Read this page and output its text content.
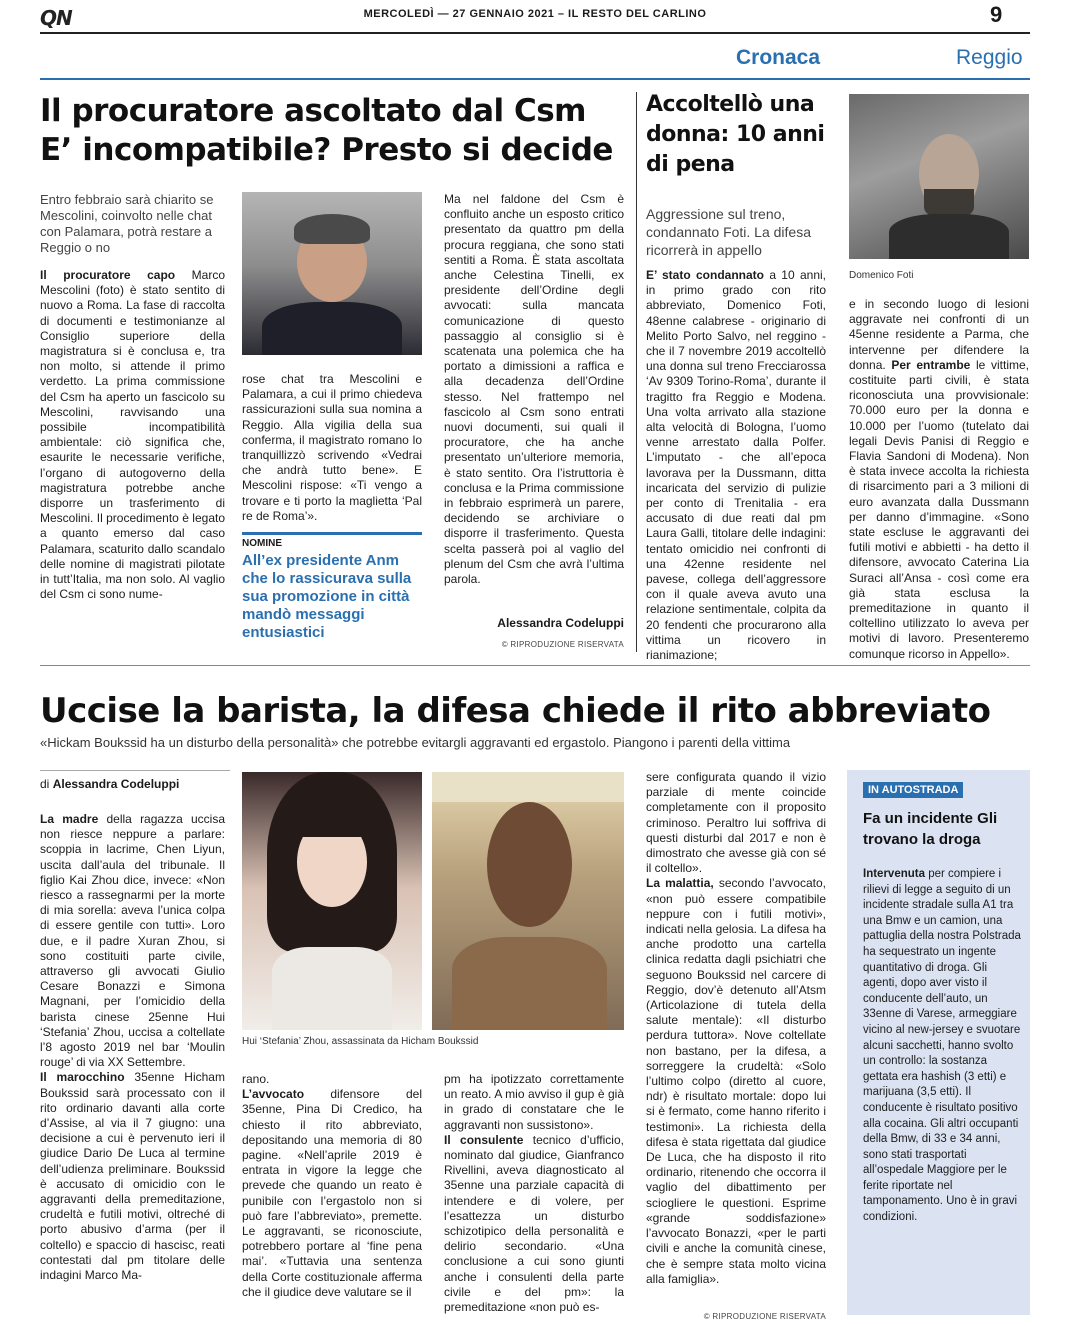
QN	MERCOLEDÌ — 27 GENNAIO 2021 – IL RESTO DEL CARLINO	9
Cronaca	Reggio
Il procuratore ascoltato dal Csm
E’ incompatibile? Presto si decide
Entro febbraio sarà chiarito se Mescolini, coinvolto nelle chat con Palamara, potrà restare a Reggio o no
Il procuratore capo Marco Mescolini (foto) è stato sentito di nuovo a Roma. La fase di raccolta di documenti e testimonianze al Consiglio superiore della magistratura si è conclusa e, tra non molto, si attende il primo verdetto. La prima commissione del Csm ha aperto un fascicolo su Mescolini, ravvisando una possibile incompatibilità ambientale: ciò significa che, esaurite le necessarie verifiche, l’organo di autogoverno della magistratura potrebbe anche disporre un trasferimento di Mescolini. Il procedimento è legato a quanto emerso dal caso Palamara, scaturito dallo scandalo delle nomine di magistrati pilotate in tutt’Italia, ma non solo. Al vaglio del Csm ci sono nume-
rose chat tra Mescolini e Palamara, a cui il primo chiedeva rassicurazioni sulla sua nomina a Reggio. Alla vigilia della sua conferma, il magistrato romano lo tranquillizzò scrivendo «Vedrai che andrà tutto bene». E Mescolini rispose: «Ti vengo a trovare e ti porto la maglietta ‘Pal re de Roma’».
NOMINE
All’ex presidente Anm che lo rassicurava sulla sua promozione in città mandò messaggi entusiastici
Ma nel faldone del Csm è confluito anche un esposto critico presentato da quattro pm della procura reggiana, che sono stati sentiti a Roma. È stata ascoltata anche Celestina Tinelli, ex presidente dell’Ordine degli avvocati: sulla mancata comunicazione di questo passaggio al consiglio si è scatenata una polemica che ha portato a dimissioni a raffica e alla decadenza dell’Ordine stesso. Nel frattempo nel fascicolo al Csm sono entrati nuovi documenti, sui quali il procuratore, che ha anche presentato un’ulteriore memoria, è stato sentito. Ora l’istruttoria è conclusa e la Prima commissione in febbraio esprimerà un parere, decidendo se archiviare o disporre il trasferimento. Questa scelta passerà poi al vaglio del plenum del Csm che avrà l’ultima parola.
Alessandra Codeluppi
© RIPRODUZIONE RISERVATA
Accoltellò una donna: 10 anni di pena
Aggressione sul treno, condannato Foti. La difesa ricorrerà in appello
Domenico Foti
E’ stato condannato a 10 anni, in primo grado con rito abbreviato, Domenico Foti, 48enne calabrese - originario di Melito Porto Salvo, nel reggino - che il 7 novembre 2019 accoltellò una donna sul treno Frecciarossa ‘Av 9309 Torino-Roma’, durante il tragitto fra Reggio e Modena. Una volta arrivato alla stazione alta velocità di Bologna, l’uomo venne arrestato dalla Polfer. L’imputato - che all’epoca lavorava per la Dussmann, ditta incaricata del servizio di pulizie per conto di Trenitalia - era accusato di due reati dal pm Laura Galli, titolare delle indagini: tentato omicidio nei confronti di una 42enne residente nel pavese, collega dell’aggressore con il quale aveva avuto una relazione sentimentale, colpita da 20 fendenti che procurarono alla vittima un ricovero in rianimazione;
e in secondo luogo di lesioni aggravate nei confronti di un 45enne residente a Parma, che intervenne per difendere la donna. Per entrambe le vittime, costituite parti civili, è stata riconosciuta una provvisionale: 70.000 euro per la donna e 10.000 per l’uomo (tutelato dai legali Devis Panisi di Reggio e Flavia Sandoni di Modena). Non è stata invece accolta la richiesta di risarcimento pari a 3 milioni di euro avanzata dalla Dussmann per danno d’immagine. «Sono state escluse le aggravanti dei futili motivi e abbietti - ha detto il difensore, avvocato Caterina Lia Suraci all’Ansa - così come era già stata esclusa la premeditazione in quanto il coltellino utilizzato lo aveva per motivi di lavoro. Presenteremo comunque ricorso in Appello».
Uccise la barista, la difesa chiede il rito abbreviato
«Hickam Boukssid ha un disturbo della personalità» che potrebbe evitargli aggravanti ed ergastolo. Piangono i parenti della vittima
di Alessandra Codeluppi
La madre della ragazza uccisa non riesce neppure a parlare: scoppia in lacrime, Chen Liyun, uscita dall’aula del tribunale. Il figlio Kai Zhou dice, invece: «Non riesco a rassegnarmi per la morte di mia sorella: aveva l’unica colpa di essere gentile con tutti». Loro due, e il padre Xuran Zhou, si sono costituiti parte civile, attraverso gli avvocati Giulio Cesare Bonazzi e Simona Magnani, per l’omicidio della barista cinese 25enne Hui ‘Stefania’ Zhou, uccisa a coltellate l’8 agosto 2019 nel bar ‘Moulin rouge’ di via XX Settembre.
Il marocchino 35enne Hicham Boukssid sarà processato con il rito ordinario davanti alla corte d’Assise, al via il 7 giugno: una decisione a cui è pervenuto ieri il giudice Dario De Luca al termine dell’udienza preliminare. Boukssid è accusato di omicidio con le aggravanti della premeditazione, crudeltà e futili motivi, oltreché di porto abusivo d’arma (per il coltello) e spaccio di hascisc, reati contestati dal pm titolare delle indagini Marco Ma-
Hui ‘Stefania’ Zhou, assassinata da Hicham Boukssid
rano.
L’avvocato difensore del 35enne, Pina Di Credico, ha chiesto il rito abbreviato, depositando una memoria di 80 pagine. «Nell’aprile 2019 è entrata in vigore la legge che prevede che quando un reato è punibile con l’ergastolo non si può fare l’abbreviato», premette. Le aggravanti, se riconosciute, potrebbero portare al ‘fine pena mai’. «Tuttavia una sentenza della Corte costituzionale afferma che il giudice deve valutare se il
pm ha ipotizzato correttamente un reato. A mio avviso il gup è già in grado di constatare che le aggravanti non sussistono».
Il consulente tecnico d’ufficio, nominato dal giudice, Gianfranco Rivellini, aveva diagnosticato al 35enne una parziale capacità di intendere e di volere, per l’esattezza un disturbo schizotipico della personalità e delirio secondario. «Una conclusione a cui sono giunti anche i consulenti della parte civile e del pm»: la premeditazione «non può es-
sere configurata quando il vizio parziale di mente coincide completamente con il proposito criminoso. Peraltro lui soffriva di questi disturbi dal 2017 e non è dimostrato che avesse già con sé il coltello».
La malattia, secondo l’avvocato, «non può essere compatibile neppure con i futili motivi», indicati nella gelosia. La difesa ha anche prodotto una cartella clinica redatta dagli psichiatri che seguono Boukssid nel carcere di Reggio, dov’è detenuto all’Atsm (Articolazione di tutela della salute mentale): «Il disturbo perdura tuttora». Nove coltellate non bastano, per la difesa, a sorreggere la crudeltà: «Solo l’ultimo colpo (diretto al cuore, ndr) è risultato mortale: dopo lui si è fermato, come hanno riferito i testimoni». La richiesta della difesa è stata rigettata dal giudice De Luca, che ha disposto il rito ordinario, ritenendo che occorra il vaglio del dibattimento per sciogliere le questioni. Esprime «grande soddisfazione» l’avvocato Bonazzi, «per le parti civili e anche la comunità cinese, che è sempre stata molto vicina alla famiglia».
© RIPRODUZIONE RISERVATA
IN AUTOSTRADA
Fa un incidente Gli trovano la droga
Intervenuta per compiere i rilievi di legge a seguito di un incidente stradale sulla A1 tra una Bmw e un camion, una pattuglia della nostra Polstrada ha sequestrato un ingente quantitativo di droga. Gli agenti, dopo aver visto il conducente dell’auto, un 33enne di Varese, armeggiare vicino al new-jersey e svuotare alcuni sacchetti, hanno svolto un controllo: la sostanza gettata era hashish (3 etti) e marijuana (3,5 etti). Il conducente è risultato positivo alla cocaina. Gli altri occupanti della Bmw, di 33 e 34 anni, sono stati trasportati all’ospedale Maggiore per le ferite riportate nel tamponamento. Uno è in gravi condizioni.
